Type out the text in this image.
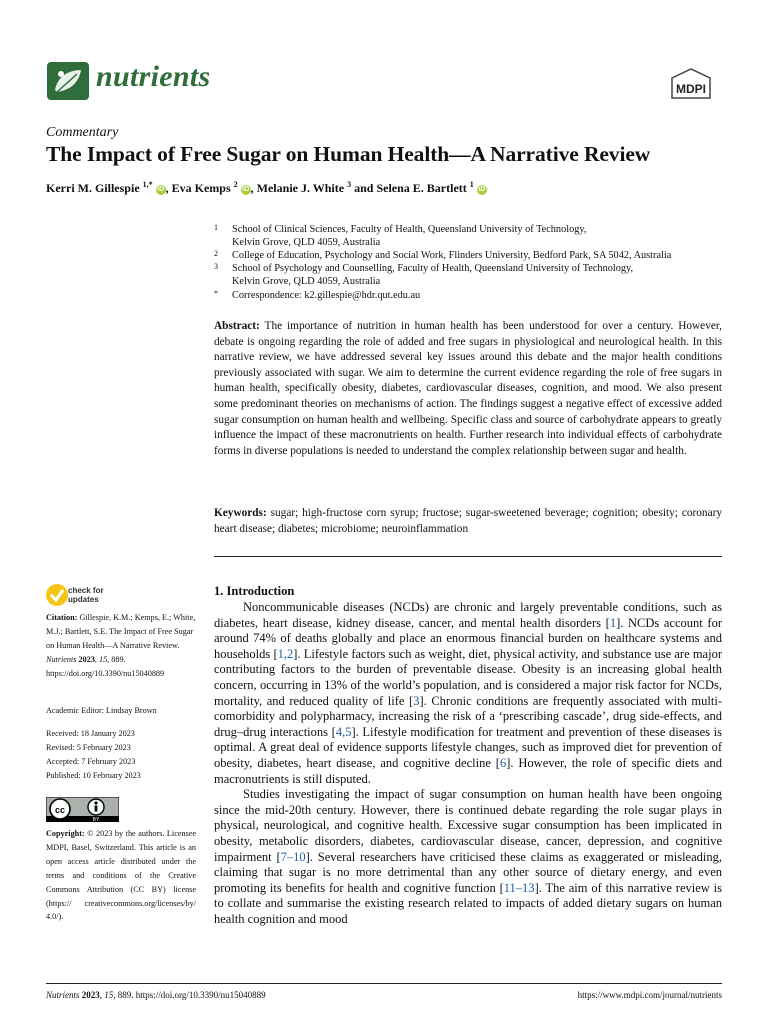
nutrients	MDPI
Commentary
The Impact of Free Sugar on Human Health—A Narrative Review
Kerri M. Gillespie $^{1,*}$ iD , Eva Kemps $^2$ iD , Melanie J. White $^3$ and Selena E. Bartlett $^1$ iD
1 School of Clinical Sciences, Faculty of Health, Queensland University of Technology,
Kelvin Grove, QLD 4059, Australia
2 College of Education, Psychology and Social Work, Flinders University, Bedford Park, SA 5042, Australia
3 School of Psychology and Counselling, Faculty of Health, Queensland University of Technology,
Kelvin Grove, QLD 4059, Australia
* Correspondence: k2.gillespie@hdr.qut.edu.au
Abstract: The importance of nutrition in human health has been understood for over a century. However, debate is ongoing regarding the role of added and free sugars in physiological and neurological health. In this narrative review, we have addressed several key issues around this debate and the major health conditions previously associated with sugar. We aim to determine the current evidence regarding the role of free sugars in human health, specifically obesity, diabetes, cardiovascular diseases, cognition, and mood. We also present some predominant theories on mechanisms of action. The findings suggest a negative effect of excessive added sugar consumption on human health and wellbeing. Specific class and source of carbohydrate appears to greatly influence the impact of these macronutrients on health. Further research into individual effects of carbohydrate forms in diverse populations is needed to understand the complex relationship between sugar and health.
Keywords: sugar; high-fructose corn syrup; fructose; sugar-sweetened beverage; cognition; obesity; coronary heart disease; diabetes; microbiome; neuroinflammation
check for
updates
Citation: Gillespie, K.M.; Kemps, E.; White, M.J.; Bartlett, S.E. The Impact of Free Sugar on Human Health—A Narrative Review. Nutrients 2023, 15, 889. https://doi.org/10.3390/nu15040889
Academic Editor: Lindsay Brown
Received: 18 January 2023
Revised: 5 February 2023
Accepted: 7 February 2023
Published: 10 February 2023
cc
BY
Copyright: © 2023 by the authors. Licensee MDPI, Basel, Switzerland. This article is an open access article distributed under the terms and conditions of the Creative Commons Attribution (CC BY) license (https:// creativecommons.org/licenses/by/ 4.0/).
1. Introduction

Noncommunicable diseases (NCDs) are chronic and largely preventable conditions, such as diabetes, heart disease, kidney disease, cancer, and mental health disorders [1]. NCDs account for around 74% of deaths globally and place an enormous financial burden on healthcare systems and households [1,2]. Lifestyle factors such as weight, diet, physical activity, and substance use are major contributing factors to the burden of preventable disease. Obesity is an increasing global health concern, occurring in 13% of the world’s population, and is considered a major risk factor for NCDs, mortality, and reduced quality of life [3]. Chronic conditions are frequently associated with multi-comorbidity and polypharmacy, increasing the risk of a ‘prescribing cascade’, drug side-effects, and drug–drug interactions [4,5]. Lifestyle modification for treatment and prevention of these diseases is optimal. A great deal of evidence supports lifestyle changes, such as improved diet for prevention of obesity, diabetes, heart disease, and cognitive decline [6]. However, the role of specific diets and macronutrients is still disputed.

Studies investigating the impact of sugar consumption on human health have been ongoing since the mid-20th century. However, there is continued debate regarding the role sugar plays in physical, neurological, and cognitive health. Excessive sugar consumption has been implicated in obesity, metabolic disorders, diabetes, cardiovascular disease, cancer, depression, and cognitive impairment [7–10]. Several researchers have criticised these claims as exaggerated or misleading, claiming that sugar is no more detrimental than any other source of dietary energy, and even promoting its benefits for health and cognitive function [11–13]. The aim of this narrative review is to collate and summarise the existing research related to impacts of added dietary sugars on human health cognition and mood

Nutrients 2023, 15, 889. https://doi.org/10.3390/nu15040889	https://www.mdpi.com/journal/nutrients
